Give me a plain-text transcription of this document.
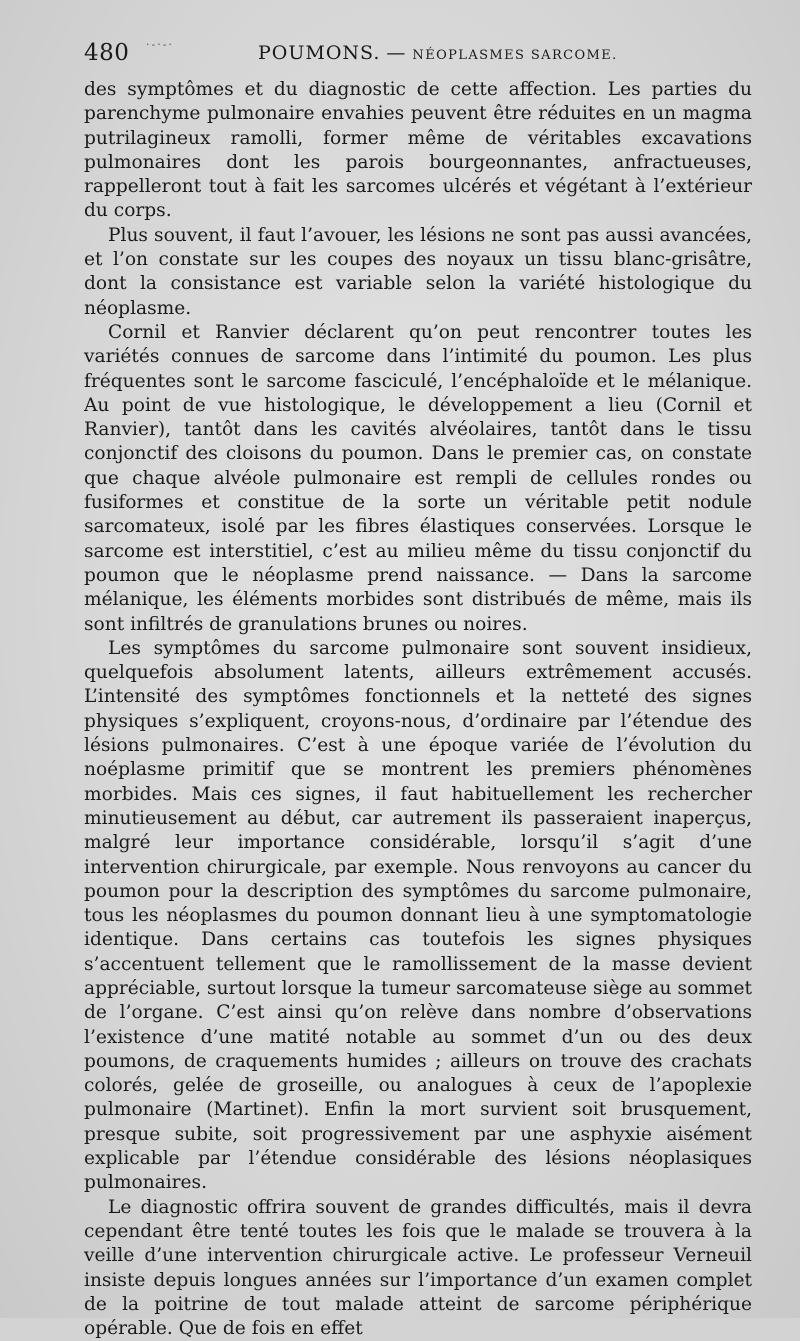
480 ·-·-·	POUMONS. — NÉOPLASMES SARCOME.

des symptômes et du diagnostic de cette affection. Les parties du parenchyme pulmonaire envahies peuvent être réduites en un magma putrilagineux ramolli, former même de véritables excavations pulmonaires dont les parois bourgeonnantes, anfractueuses, rappelleront tout à fait les sarcomes ulcérés et végétant à l’extérieur du corps.

Plus souvent, il faut l’avouer, les lésions ne sont pas aussi avancées, et l’on constate sur les coupes des noyaux un tissu blanc-grisâtre, dont la consistance est variable selon la variété histologique du néoplasme.

Cornil et Ranvier déclarent qu’on peut rencontrer toutes les variétés connues de sarcome dans l’intimité du poumon. Les plus fréquentes sont le sarcome fasciculé, l’encéphaloïde et le mélanique. Au point de vue histologique, le développement a lieu (Cornil et Ranvier), tantôt dans les cavités alvéolaires, tantôt dans le tissu conjonctif des cloisons du poumon. Dans le premier cas, on constate que chaque alvéole pulmonaire est rempli de cellules rondes ou fusiformes et constitue de la sorte un véritable petit nodule sarcomateux, isolé par les fibres élastiques conservées. Lorsque le sarcome est interstitiel, c’est au milieu même du tissu conjonctif du poumon que le néoplasme prend naissance. — Dans la sarcome mélanique, les éléments morbides sont distribués de même, mais ils sont infiltrés de granulations brunes ou noires.

Les symptômes du sarcome pulmonaire sont souvent insidieux, quelquefois absolument latents, ailleurs extrêmement accusés. L’intensité des symptômes fonctionnels et la netteté des signes physiques s’expliquent, croyons-nous, d’ordinaire par l’étendue des lésions pulmonaires. C’est à une époque variée de l’évolution du noéplasme primitif que se montrent les premiers phénomènes morbides. Mais ces signes, il faut habituellement les rechercher minutieusement au début, car autrement ils passeraient inaperçus, malgré leur importance considérable, lorsqu’il s’agit d’une intervention chirurgicale, par exemple. Nous renvoyons au cancer du poumon pour la description des symptômes du sarcome pulmonaire, tous les néoplasmes du poumon donnant lieu à une symptomatologie identique. Dans certains cas toutefois les signes physiques s’accentuent tellement que le ramollissement de la masse devient appréciable, surtout lorsque la tumeur sarcomateuse siège au sommet de l’organe. C’est ainsi qu’on relève dans nombre d’observations l’existence d’une matité notable au sommet d’un ou des deux poumons, de craquements humides ; ailleurs on trouve des crachats colorés, gelée de groseille, ou analogues à ceux de l’apoplexie pulmonaire (Martinet). Enfin la mort survient soit brusquement, presque subite, soit progressivement par une asphyxie aisément explicable par l’étendue considérable des lésions néoplasiques pulmonaires.

Le diagnostic offrira souvent de grandes difficultés, mais il devra cependant être tenté toutes les fois que le malade se trouvera à la veille d’une intervention chirurgicale active. Le professeur Verneuil insiste depuis longues années sur l’importance d’un examen complet de la poitrine de tout malade atteint de sarcome périphérique opérable. Que de fois en effet
